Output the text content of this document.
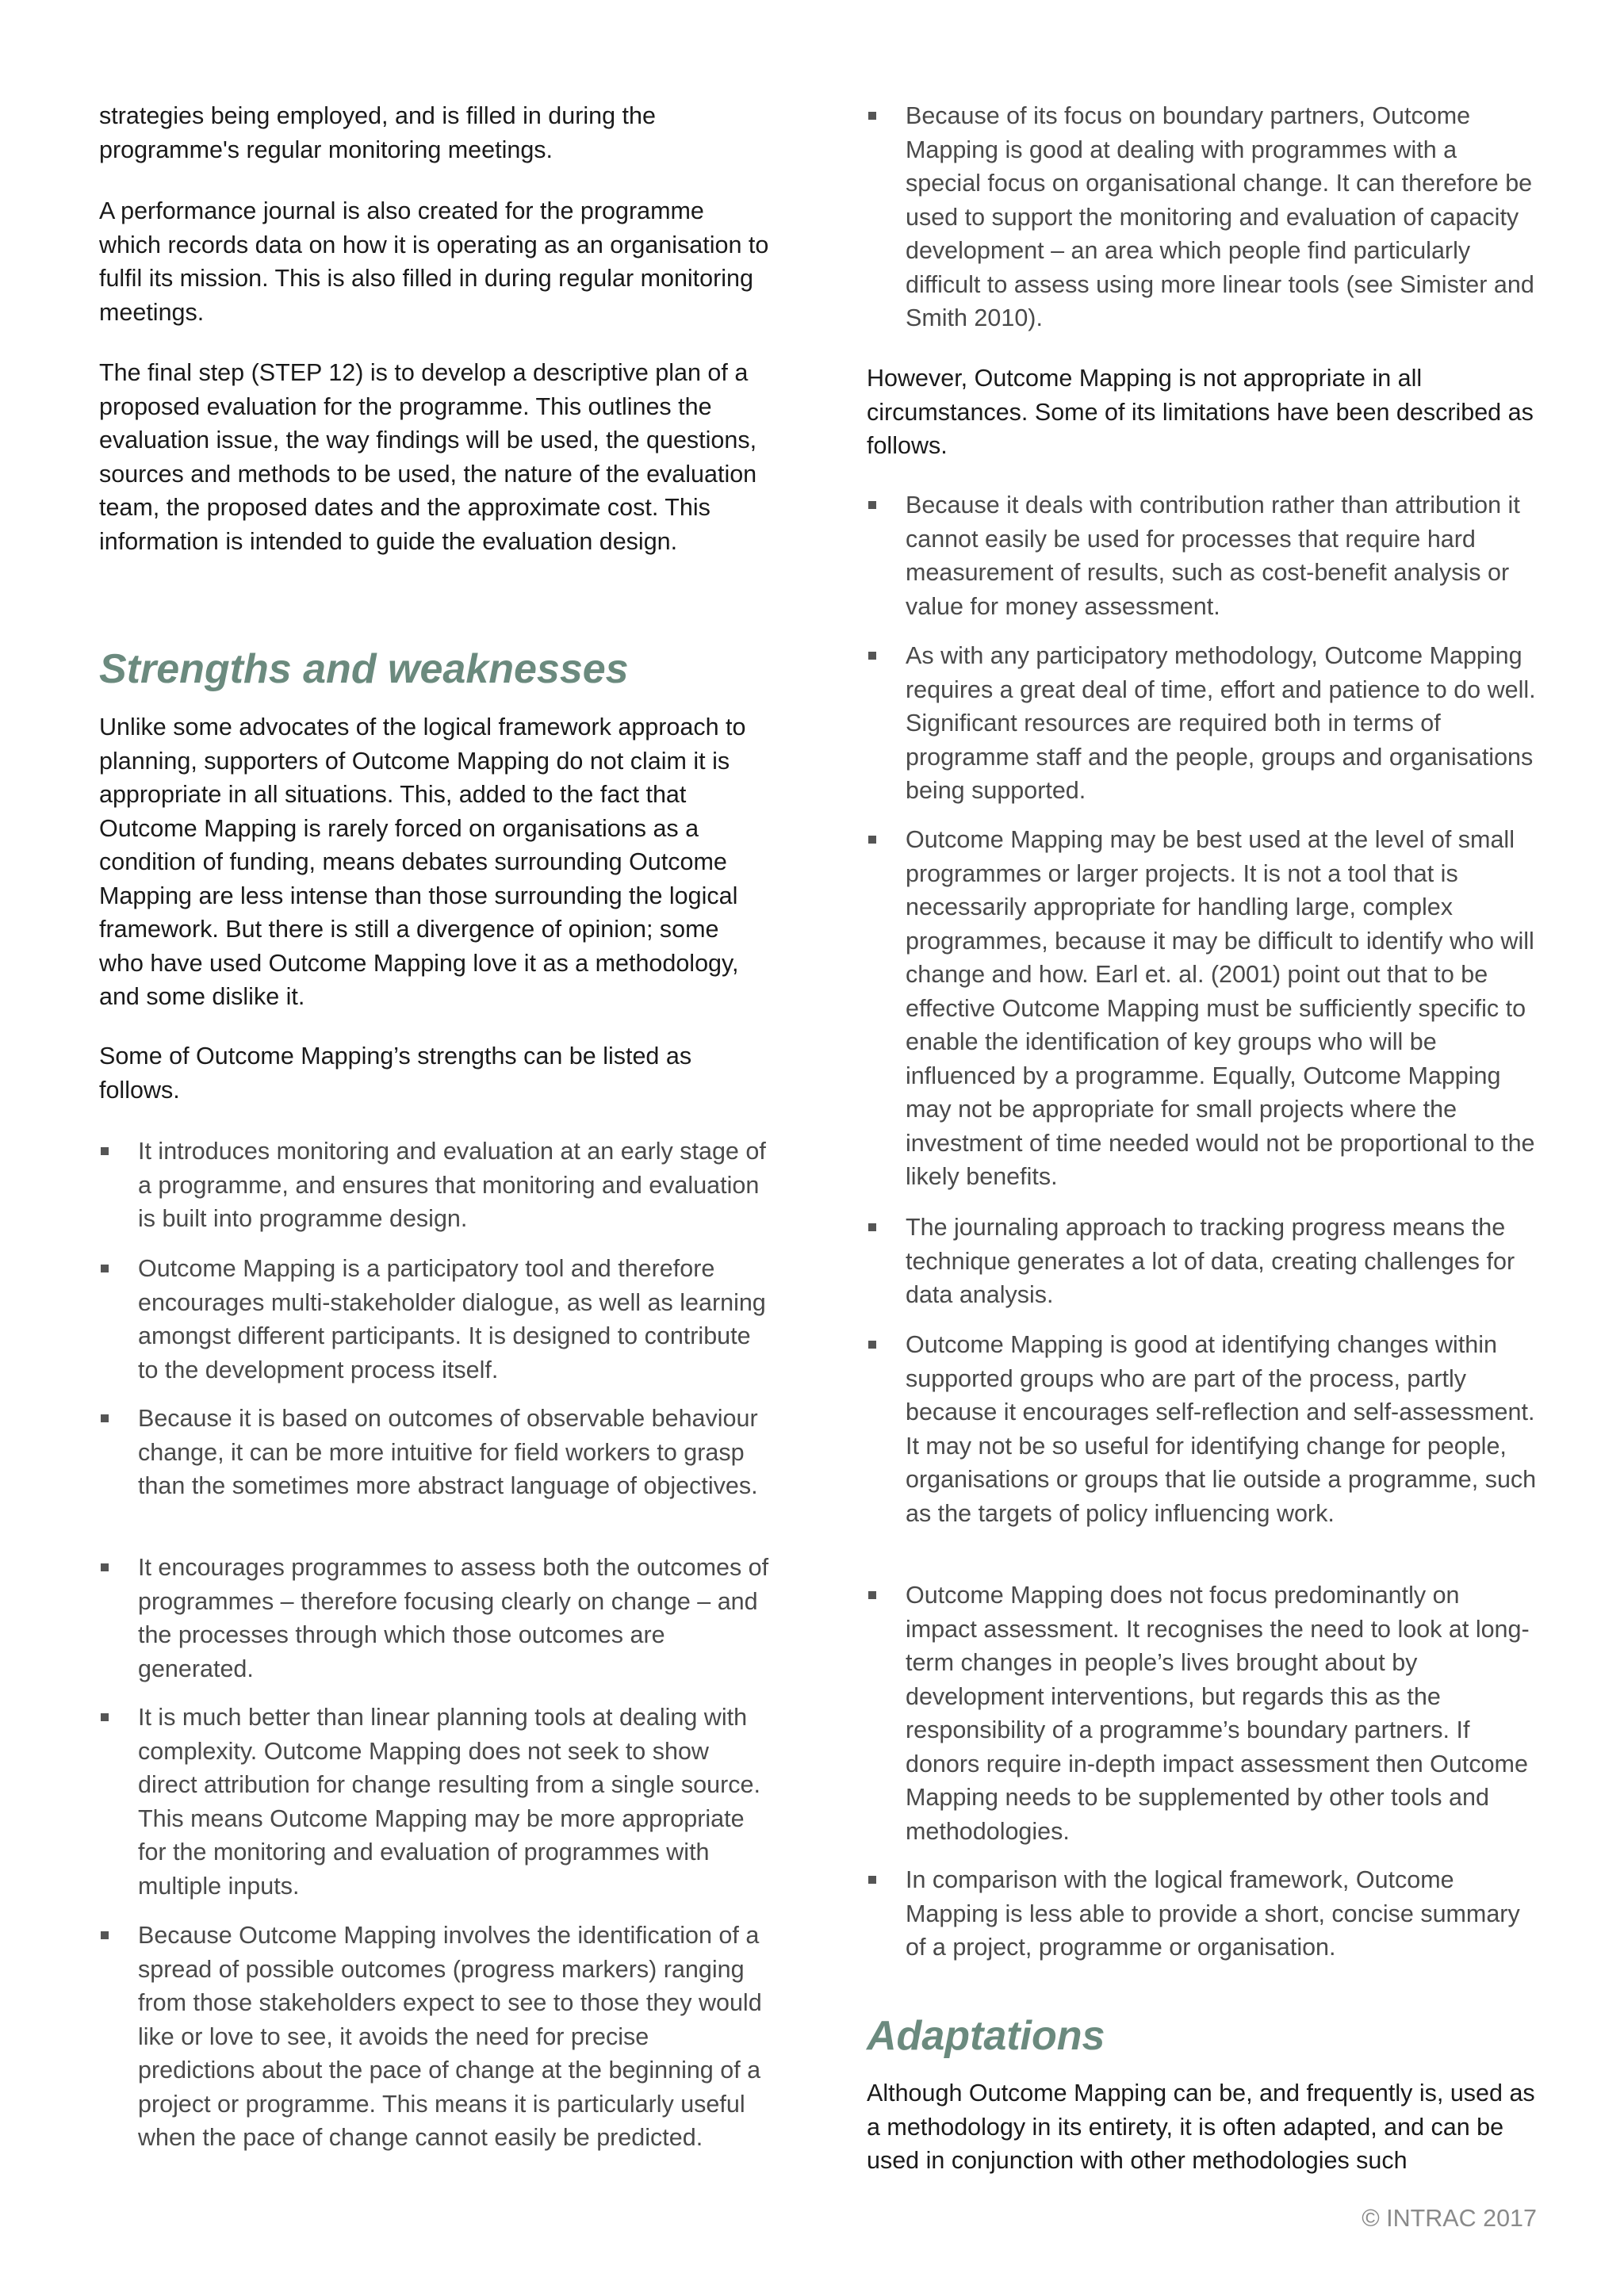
strategies being employed, and is filled in during the programme's regular monitoring meetings.

A performance journal is also created for the programme which records data on how it is operating as an organisation to fulfil its mission. This is also filled in during regular monitoring meetings.

The final step (STEP 12) is to develop a descriptive plan of a proposed evaluation for the programme. This outlines the evaluation issue, the way findings will be used, the questions, sources and methods to be used, the nature of the evaluation team, the proposed dates and the approximate cost. This information is intended to guide the evaluation design.

Strengths and weaknesses

Unlike some advocates of the logical framework approach to planning, supporters of Outcome Mapping do not claim it is appropriate in all situations. This, added to the fact that Outcome Mapping is rarely forced on organisations as a condition of funding, means debates surrounding Outcome Mapping are less intense than those surrounding the logical framework. But there is still a divergence of opinion; some who have used Outcome Mapping love it as a methodology, and some dislike it.

Some of Outcome Mapping’s strengths can be listed as follows.

It introduces monitoring and evaluation at an early stage of a programme, and ensures that monitoring and evaluation is built into programme design.
Outcome Mapping is a participatory tool and therefore encourages multi-stakeholder dialogue, as well as learning amongst different participants. It is designed to contribute to the development process itself.
Because it is based on outcomes of observable behaviour change, it can be more intuitive for field workers to grasp than the sometimes more abstract language of objectives.
It encourages programmes to assess both the outcomes of programmes – therefore focusing clearly on change – and the processes through which those outcomes are generated.
It is much better than linear planning tools at dealing with complexity. Outcome Mapping does not seek to show direct attribution for change resulting from a single source. This means Outcome Mapping may be more appropriate for the monitoring and evaluation of programmes with multiple inputs.
Because Outcome Mapping involves the identification of a spread of possible outcomes (progress markers) ranging from those stakeholders expect to see to those they would like or love to see, it avoids the need for precise predictions about the pace of change at the beginning of a project or programme. This means it is particularly useful when the pace of change cannot easily be predicted.
Because of its focus on boundary partners, Outcome Mapping is good at dealing with programmes with a special focus on organisational change. It can therefore be used to support the monitoring and evaluation of capacity development – an area which people find particularly difficult to assess using more linear tools (see Simister and Smith 2010).

However, Outcome Mapping is not appropriate in all circumstances. Some of its limitations have been described as follows.

Because it deals with contribution rather than attribution it cannot easily be used for processes that require hard measurement of results, such as cost-benefit analysis or value for money assessment.
As with any participatory methodology, Outcome Mapping requires a great deal of time, effort and patience to do well. Significant resources are required both in terms of programme staff and the people, groups and organisations being supported.
Outcome Mapping may be best used at the level of small programmes or larger projects. It is not a tool that is necessarily appropriate for handling large, complex programmes, because it may be difficult to identify who will change and how. Earl et. al. (2001) point out that to be effective Outcome Mapping must be sufficiently specific to enable the identification of key groups who will be influenced by a programme. Equally, Outcome Mapping may not be appropriate for small projects where the investment of time needed would not be proportional to the likely benefits.
The journaling approach to tracking progress means the technique generates a lot of data, creating challenges for data analysis.
Outcome Mapping is good at identifying changes within supported groups who are part of the process, partly because it encourages self-reflection and self-assessment. It may not be so useful for identifying change for people, organisations or groups that lie outside a programme, such as the targets of policy influencing work.
Outcome Mapping does not focus predominantly on impact assessment. It recognises the need to look at long-term changes in people’s lives brought about by development interventions, but regards this as the responsibility of a programme’s boundary partners. If donors require in-depth impact assessment then Outcome Mapping needs to be supplemented by other tools and methodologies.
In comparison with the logical framework, Outcome Mapping is less able to provide a short, concise summary of a project, programme or organisation.
Adaptations

Although Outcome Mapping can be, and frequently is, used as a methodology in its entirety, it is often adapted, and can be used in conjunction with other methodologies such

© INTRAC 2017
